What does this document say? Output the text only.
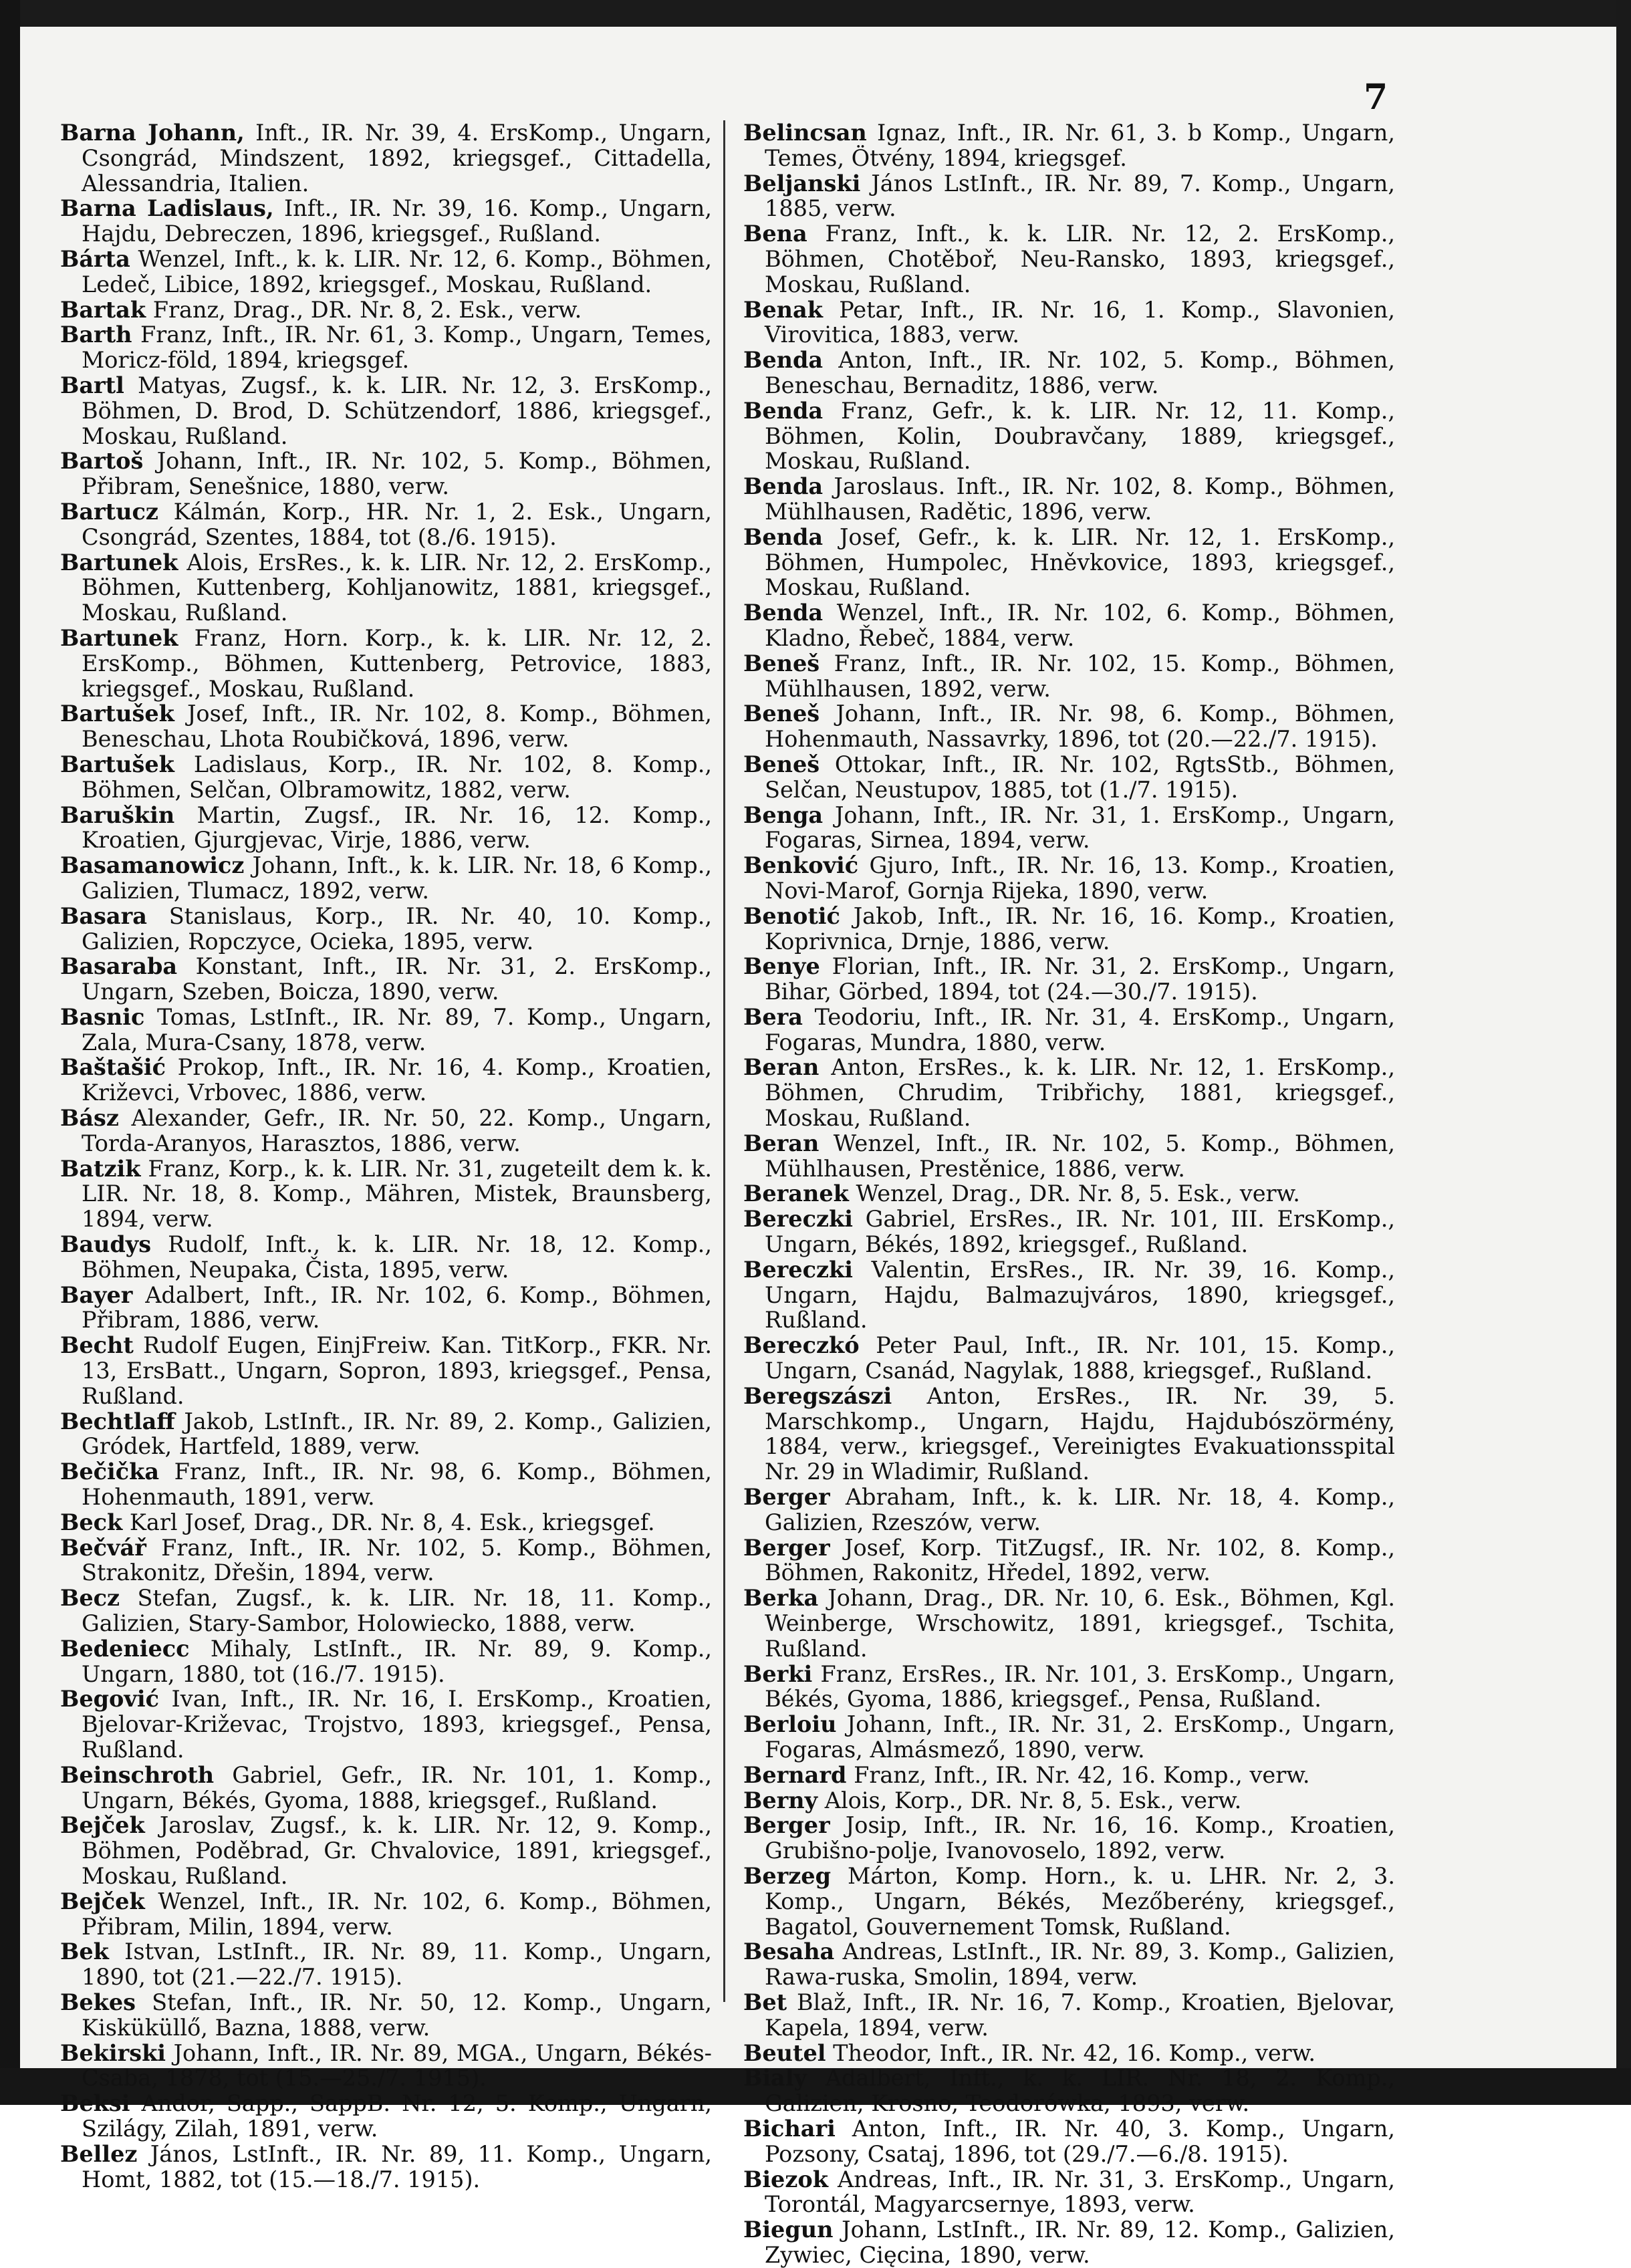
7

Barna Johann, Inft., IR. Nr. 39, 4. ErsKomp., Ungarn, Csongrád, Mindszent, 1892, kriegsgef., Cittadella, Alessandria, Italien.

Barna Ladislaus, Inft., IR. Nr. 39, 16. Komp., Ungarn, Hajdu, Debreczen, 1896, kriegsgef., Rußland.

Bárta Wenzel, Inft., k. k. LIR. Nr. 12, 6. Komp., Böhmen, Ledeč, Libice, 1892, kriegsgef., Moskau, Rußland.

Bartak Franz, Drag., DR. Nr. 8, 2. Esk., verw.

Barth Franz, Inft., IR. Nr. 61, 3. Komp., Ungarn, Temes, Moricz-föld, 1894, kriegsgef.

Bartl Matyas, Zugsf., k. k. LIR. Nr. 12, 3. ErsKomp., Böhmen, D. Brod, D. Schützendorf, 1886, kriegsgef., Moskau, Rußland.

Bartoš Johann, Inft., IR. Nr. 102, 5. Komp., Böhmen, Přibram, Senešnice, 1880, verw.

Bartucz Kálmán, Korp., HR. Nr. 1, 2. Esk., Ungarn, Csongrád, Szentes, 1884, tot (8./6. 1915).

Bartunek Alois, ErsRes., k. k. LIR. Nr. 12, 2. ErsKomp., Böhmen, Kuttenberg, Kohljanowitz, 1881, kriegsgef., Moskau, Rußland.

Bartunek Franz, Horn. Korp., k. k. LIR. Nr. 12, 2. ErsKomp., Böhmen, Kuttenberg, Petrovice, 1883, kriegsgef., Moskau, Rußland.

Bartušek Josef, Inft., IR. Nr. 102, 8. Komp., Böhmen, Beneschau, Lhota Roubičková, 1896, verw.

Bartušek Ladislaus, Korp., IR. Nr. 102, 8. Komp., Böhmen, Selčan, Olbramowitz, 1882, verw.

Baruškin Martin, Zugsf., IR. Nr. 16, 12. Komp., Kroatien, Gjurgjevac, Virje, 1886, verw.

Basamanowicz Johann, Inft., k. k. LIR. Nr. 18, 6 Komp., Galizien, Tlumacz, 1892, verw.

Basara Stanislaus, Korp., IR. Nr. 40, 10. Komp., Galizien, Ropczyce, Ocieka, 1895, verw.

Basaraba Konstant, Inft., IR. Nr. 31, 2. ErsKomp., Ungarn, Szeben, Boicza, 1890, verw.

Basnic Tomas, LstInft., IR. Nr. 89, 7. Komp., Ungarn, Zala, Mura-Csany, 1878, verw.

Baštašić Prokop, Inft., IR. Nr. 16, 4. Komp., Kroatien, Križevci, Vrbovec, 1886, verw.

Bász Alexander, Gefr., IR. Nr. 50, 22. Komp., Ungarn, Torda-Aranyos, Harasztos, 1886, verw.

Batzik Franz, Korp., k. k. LIR. Nr. 31, zugeteilt dem k. k. LIR. Nr. 18, 8. Komp., Mähren, Mistek, Braunsberg, 1894, verw.

Baudys Rudolf, Inft., k. k. LIR. Nr. 18, 12. Komp., Böhmen, Neupaka, Čista, 1895, verw.

Bayer Adalbert, Inft., IR. Nr. 102, 6. Komp., Böhmen, Přibram, 1886, verw.

Becht Rudolf Eugen, EinjFreiw. Kan. TitKorp., FKR. Nr. 13, ErsBatt., Ungarn, Sopron, 1893, kriegsgef., Pensa, Rußland.

Bechtlaff Jakob, LstInft., IR. Nr. 89, 2. Komp., Galizien, Gródek, Hartfeld, 1889, verw.

Bečička Franz, Inft., IR. Nr. 98, 6. Komp., Böhmen, Hohenmauth, 1891, verw.

Beck Karl Josef, Drag., DR. Nr. 8, 4. Esk., kriegsgef.

Bečvář Franz, Inft., IR. Nr. 102, 5. Komp., Böhmen, Strakonitz, Dřešin, 1894, verw.

Becz Stefan, Zugsf., k. k. LIR. Nr. 18, 11. Komp., Galizien, Stary-Sambor, Holowiecko, 1888, verw.

Bedeniecc Mihaly, LstInft., IR. Nr. 89, 9. Komp., Ungarn, 1880, tot (16./7. 1915).

Begović Ivan, Inft., IR. Nr. 16, I. ErsKomp., Kroatien, Bjelovar-Križevac, Trojstvo, 1893, kriegsgef., Pensa, Rußland.

Beinschroth Gabriel, Gefr., IR. Nr. 101, 1. Komp., Ungarn, Békés, Gyoma, 1888, kriegsgef., Rußland.

Bejček Jaroslav, Zugsf., k. k. LIR. Nr. 12, 9. Komp., Böhmen, Poděbrad, Gr. Chvalovice, 1891, kriegsgef., Moskau, Rußland.

Bejček Wenzel, Inft., IR. Nr. 102, 6. Komp., Böhmen, Přibram, Milin, 1894, verw.

Bek Istvan, LstInft., IR. Nr. 89, 11. Komp., Ungarn, 1890, tot (21.—22./7. 1915).

Bekes Stefan, Inft., IR. Nr. 50, 12. Komp., Ungarn, Kisküküllő, Bazna, 1888, verw.

Bekirski Johann, Inft., IR. Nr. 89, MGA., Ungarn, Békés-Csaba, 1878, tot (15.—25./7. 1915).

Beksi Andor, Sapp., SappB. Nr. 12, 5. Komp., Ungarn, Szilágy, Zilah, 1891, verw.

Bellez János, LstInft., IR. Nr. 89, 11. Komp., Ungarn, Homt, 1882, tot (15.—18./7. 1915).

Belincsan Ignaz, Inft., IR. Nr. 61, 3. b Komp., Ungarn, Temes, Ötvény, 1894, kriegsgef.

Beljanski János LstInft., IR. Nr. 89, 7. Komp., Ungarn, 1885, verw.

Bena Franz, Inft., k. k. LIR. Nr. 12, 2. ErsKomp., Böhmen, Chotěboř, Neu-Ransko, 1893, kriegsgef., Moskau, Rußland.

Benak Petar, Inft., IR. Nr. 16, 1. Komp., Slavonien, Virovitica, 1883, verw.

Benda Anton, Inft., IR. Nr. 102, 5. Komp., Böhmen, Beneschau, Bernaditz, 1886, verw.

Benda Franz, Gefr., k. k. LIR. Nr. 12, 11. Komp., Böhmen, Kolin, Doubravčany, 1889, kriegsgef., Moskau, Rußland.

Benda Jaroslaus. Inft., IR. Nr. 102, 8. Komp., Böhmen, Mühlhausen, Radětic, 1896, verw.

Benda Josef, Gefr., k. k. LIR. Nr. 12, 1. ErsKomp., Böhmen, Humpolec, Hněvkovice, 1893, kriegsgef., Moskau, Rußland.

Benda Wenzel, Inft., IR. Nr. 102, 6. Komp., Böhmen, Kladno, Řebeč, 1884, verw.

Beneš Franz, Inft., IR. Nr. 102, 15. Komp., Böhmen, Mühlhausen, 1892, verw.

Beneš Johann, Inft., IR. Nr. 98, 6. Komp., Böhmen, Hohenmauth, Nassavrky, 1896, tot (20.—22./7. 1915).

Beneš Ottokar, Inft., IR. Nr. 102, RgtsStb., Böhmen, Selčan, Neustupov, 1885, tot (1./7. 1915).

Benga Johann, Inft., IR. Nr. 31, 1. ErsKomp., Ungarn, Fogaras, Sirnea, 1894, verw.

Benković Gjuro, Inft., IR. Nr. 16, 13. Komp., Kroatien, Novi-Marof, Gornja Rijeka, 1890, verw.

Benotić Jakob, Inft., IR. Nr. 16, 16. Komp., Kroatien, Koprivnica, Drnje, 1886, verw.

Benye Florian, Inft., IR. Nr. 31, 2. ErsKomp., Ungarn, Bihar, Görbed, 1894, tot (24.—30./7. 1915).

Bera Teodoriu, Inft., IR. Nr. 31, 4. ErsKomp., Ungarn, Fogaras, Mundra, 1880, verw.

Beran Anton, ErsRes., k. k. LIR. Nr. 12, 1. ErsKomp., Böhmen, Chrudim, Tribřichy, 1881, kriegsgef., Moskau, Rußland.

Beran Wenzel, Inft., IR. Nr. 102, 5. Komp., Böhmen, Mühlhausen, Prestěnice, 1886, verw.

Beranek Wenzel, Drag., DR. Nr. 8, 5. Esk., verw.

Bereczki Gabriel, ErsRes., IR. Nr. 101, III. ErsKomp., Ungarn, Békés, 1892, kriegsgef., Rußland.

Bereczki Valentin, ErsRes., IR. Nr. 39, 16. Komp., Ungarn, Hajdu, Balmazujváros, 1890, kriegsgef., Rußland.

Bereczkó Peter Paul, Inft., IR. Nr. 101, 15. Komp., Ungarn, Csanád, Nagylak, 1888, kriegsgef., Rußland.

Beregszászi Anton, ErsRes., IR. Nr. 39, 5. Marschkomp., Ungarn, Hajdu, Hajdubószörmény, 1884, verw., kriegsgef., Vereinigtes Evakuationsspital Nr. 29 in Wladimir, Rußland.

Berger Abraham, Inft., k. k. LIR. Nr. 18, 4. Komp., Galizien, Rzeszów, verw.

Berger Josef, Korp. TitZugsf., IR. Nr. 102, 8. Komp., Böhmen, Rakonitz, Hředel, 1892, verw.

Berka Johann, Drag., DR. Nr. 10, 6. Esk., Böhmen, Kgl. Weinberge, Wrschowitz, 1891, kriegsgef., Tschita, Rußland.

Berki Franz, ErsRes., IR. Nr. 101, 3. ErsKomp., Ungarn, Békés, Gyoma, 1886, kriegsgef., Pensa, Rußland.

Berloiu Johann, Inft., IR. Nr. 31, 2. ErsKomp., Ungarn, Fogaras, Almásmező, 1890, verw.

Bernard Franz, Inft., IR. Nr. 42, 16. Komp., verw.

Berny Alois, Korp., DR. Nr. 8, 5. Esk., verw.

Berger Josip, Inft., IR. Nr. 16, 16. Komp., Kroatien, Grubišno-polje, Ivanovoselo, 1892, verw.

Berzeg Márton, Komp. Horn., k. u. LHR. Nr. 2, 3. Komp., Ungarn, Békés, Mezőberény, kriegsgef., Bagatol, Gouvernement Tomsk, Rußland.

Besaha Andreas, LstInft., IR. Nr. 89, 3. Komp., Galizien, Rawa-ruska, Smolin, 1894, verw.

Bet Blaž, Inft., IR. Nr. 16, 7. Komp., Kroatien, Bjelovar, Kapela, 1894, verw.

Beutel Theodor, Inft., IR. Nr. 42, 16. Komp., verw.

Bialy Adalbert, Inft., k. k. LIR. Nr. 18, 2. Komp., Galizien, Krosno, Teodorówka, 1893, verw.

Bichari Anton, Inft., IR. Nr. 40, 3. Komp., Ungarn, Pozsony, Csataj, 1896, tot (29./7.—6./8. 1915).

Biezok Andreas, Inft., IR. Nr. 31, 3. ErsKomp., Ungarn, Torontál, Magyarcsernye, 1893, verw.

Biegun Johann, LstInft., IR. Nr. 89, 12. Komp., Galizien, Zywiec, Cięcina, 1890, verw.
